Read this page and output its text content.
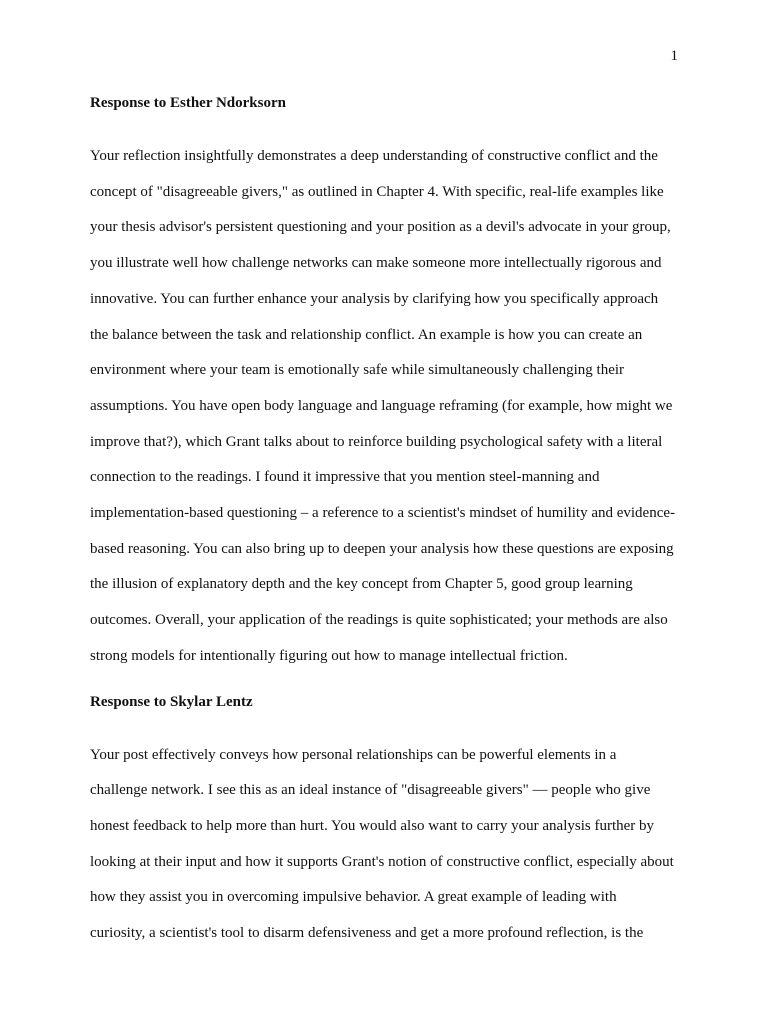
1
Response to Esther Ndorksorn
Your reflection insightfully demonstrates a deep understanding of constructive conflict and the
concept of "disagreeable givers," as outlined in Chapter 4. With specific, real-life examples like
your thesis advisor's persistent questioning and your position as a devil's advocate in your group,
you illustrate well how challenge networks can make someone more intellectually rigorous and
innovative. You can further enhance your analysis by clarifying how you specifically approach
the balance between the task and relationship conflict. An example is how you can create an
environment where your team is emotionally safe while simultaneously challenging their
assumptions. You have open body language and language reframing (for example, how might we
improve that?), which Grant talks about to reinforce building psychological safety with a literal
connection to the readings. I found it impressive that you mention steel-manning and
implementation-based questioning – a reference to a scientist's mindset of humility and evidence-
based reasoning. You can also bring up to deepen your analysis how these questions are exposing
the illusion of explanatory depth and the key concept from Chapter 5, good group learning
outcomes. Overall, your application of the readings is quite sophisticated; your methods are also
strong models for intentionally figuring out how to manage intellectual friction.
Response to Skylar Lentz
Your post effectively conveys how personal relationships can be powerful elements in a
challenge network. I see this as an ideal instance of "disagreeable givers" — people who give
honest feedback to help more than hurt. You would also want to carry your analysis further by
looking at their input and how it supports Grant's notion of constructive conflict, especially about
how they assist you in overcoming impulsive behavior. A great example of leading with
curiosity, a scientist's tool to disarm defensiveness and get a more profound reflection, is the
